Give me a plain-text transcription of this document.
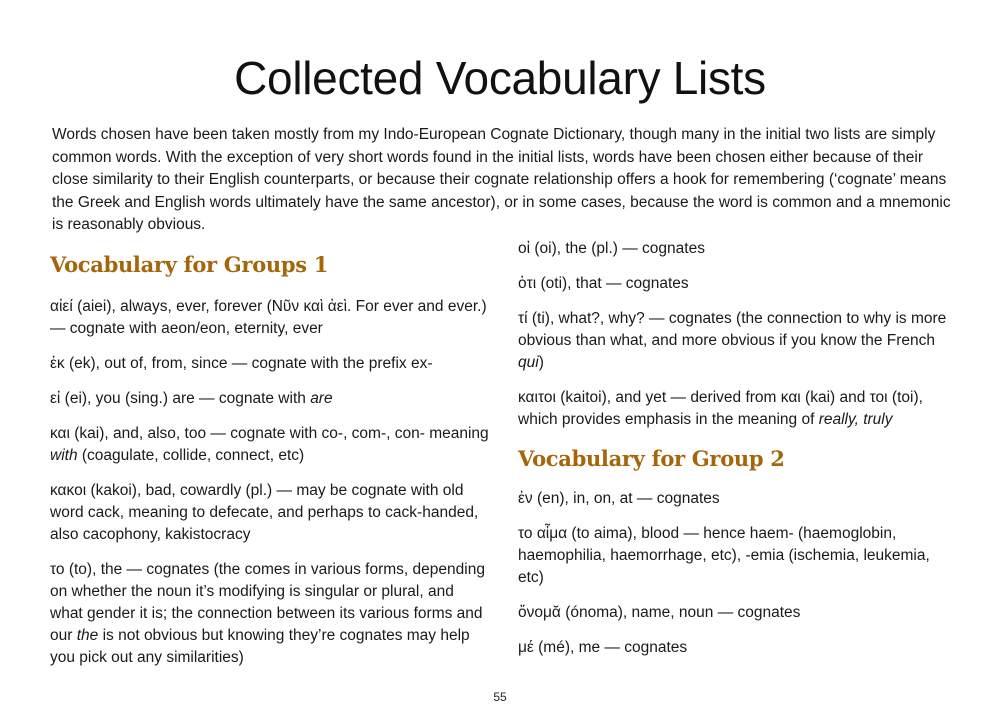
Collected Vocabulary Lists

Words chosen have been taken mostly from my Indo-European Cognate Dictionary, though many in the initial two lists are simply common words. With the exception of very short words found in the initial lists, words have been chosen either because of their close similarity to their English counterparts, or because their cognate relationship offers a hook for remembering (‘cognate’ means the Greek and English words ultimately have the same ancestor), or in some cases, because the word is common and a mnemonic is reasonably obvious.

Vocabulary for Groups 1

αἰεί (aiei), always, ever, forever (Νῦν καὶ ἀεὶ. For ever and ever.) — cognate with aeon/eon, eternity, ever

ἐκ (ek), out of, from, since — cognate with the prefix ex-

εἰ (ei), you (sing.) are — cognate with are

και (kai), and, also, too — cognate with co-, com-, con- meaning with (coagulate, collide, connect, etc)

κακοι (kakoi), bad, cowardly (pl.) — may be cognate with old word cack, meaning to defecate, and perhaps to cack-handed, also cacophony, kakistocracy

το (to), the — cognates (the comes in various forms, depending on whether the noun it’s modifying is singular or plural, and what gender it is; the connection between its various forms and our the is not obvious but knowing they’re cognates may help you pick out any similarities)

οἱ (oi), the (pl.) — cognates

ὁτι (oti), that — cognates

τί (ti), what?, why? — cognates (the connection to why is more obvious than what, and more obvious if you know the French qui)

καιτοι (kaitoi), and yet — derived from και (kai) and τοι (toi), which provides emphasis in the meaning of really, truly

Vocabulary for Group 2

ἐν (en), in, on, at — cognates

το αἷμα (to aima), blood — hence haem- (haemoglobin, haemophilia, haemorrhage, etc), -emia (ischemia, leukemia, etc)

ὄνομᾰ (ónoma), name, noun — cognates

μέ (mé), me — cognates

55
